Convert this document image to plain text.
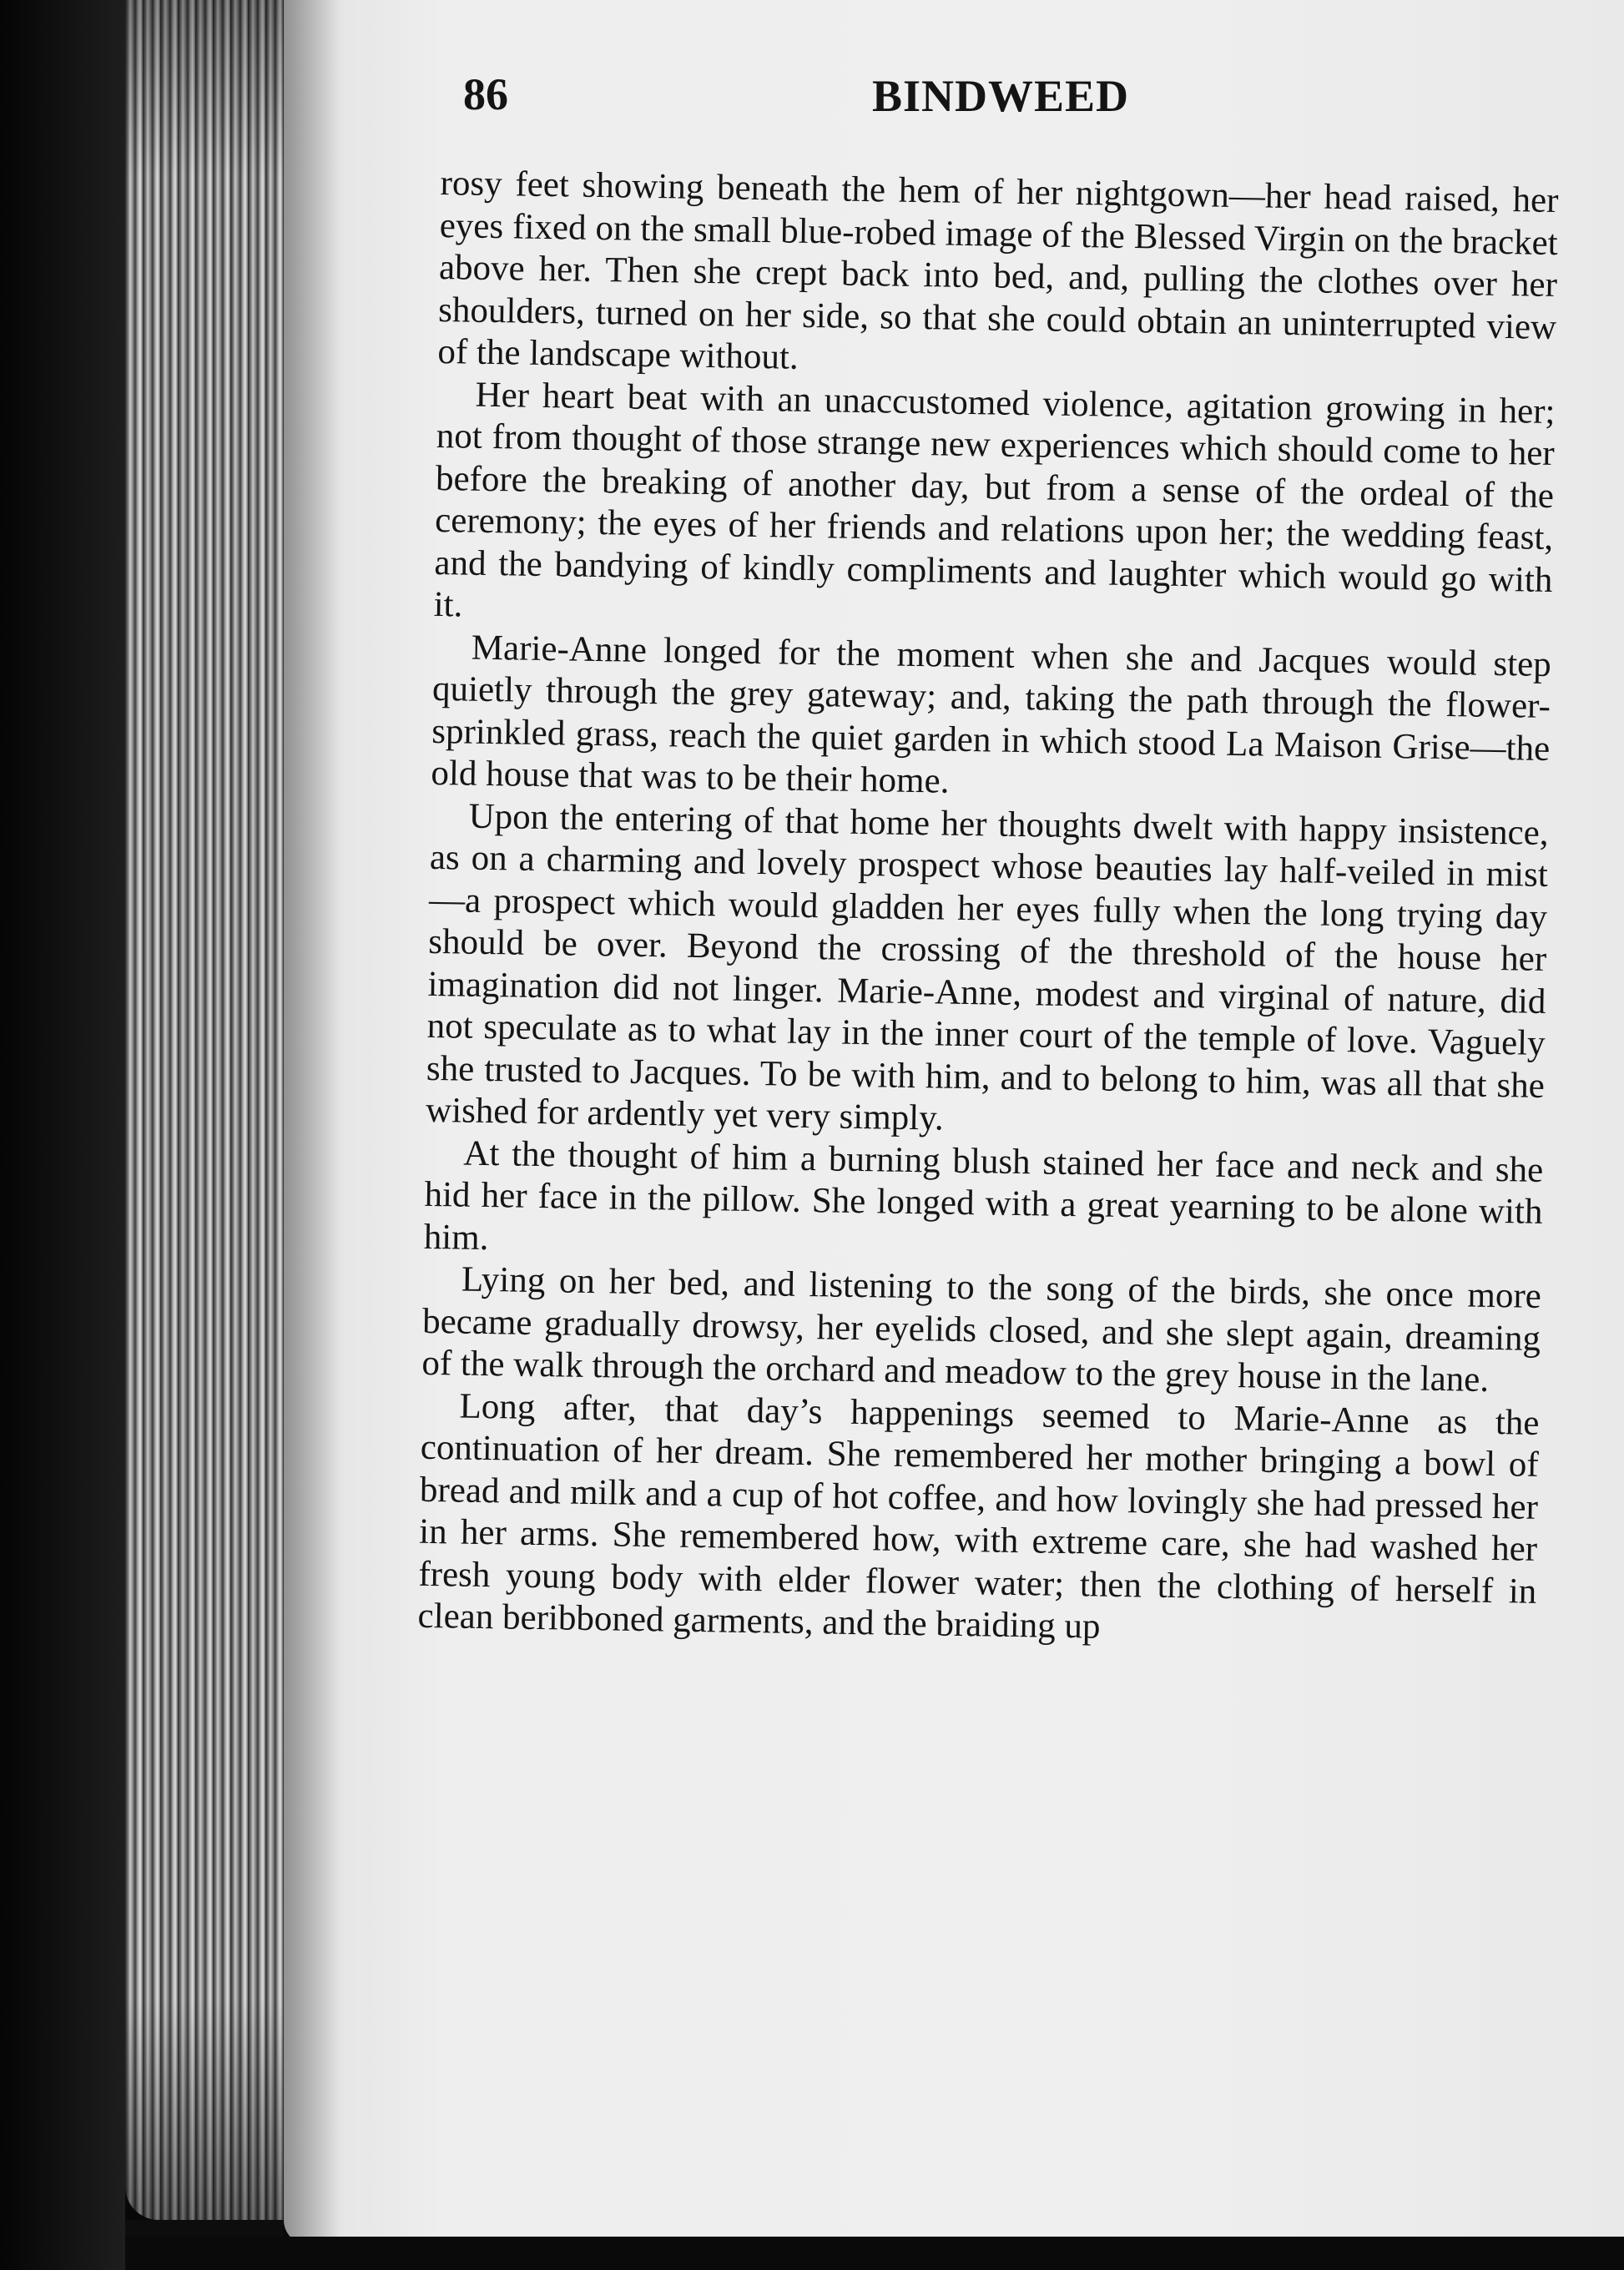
86	BINDWEED

rosy feet showing beneath the hem of her nightgown—her head raised, her eyes fixed on the small blue-robed image of the Blessed Virgin on the bracket above her. Then she crept back into bed, and, pulling the clothes over her shoulders, turned on her side, so that she could obtain an uninterrupted view of the landscape without.

Her heart beat with an unaccustomed violence, agitation growing in her; not from thought of those strange new experiences which should come to her before the breaking of another day, but from a sense of the ordeal of the ceremony; the eyes of her friends and relations upon her; the wedding feast, and the bandying of kindly compliments and laughter which would go with it.

Marie-Anne longed for the moment when she and Jacques would step quietly through the grey gateway; and, taking the path through the flower-sprinkled grass, reach the quiet garden in which stood La Maison Grise—the old house that was to be their home.

Upon the entering of that home her thoughts dwelt with happy insistence, as on a charming and lovely prospect whose beauties lay half-veiled in mist—a prospect which would gladden her eyes fully when the long trying day should be over. Beyond the crossing of the threshold of the house her imagination did not linger. Marie-Anne, modest and virginal of nature, did not speculate as to what lay in the inner court of the temple of love. Vaguely she trusted to Jacques. To be with him, and to belong to him, was all that she wished for ardently yet very simply.

At the thought of him a burning blush stained her face and neck and she hid her face in the pillow. She longed with a great yearning to be alone with him.

Lying on her bed, and listening to the song of the birds, she once more became gradually drowsy, her eyelids closed, and she slept again, dreaming of the walk through the orchard and meadow to the grey house in the lane.

Long after, that day’s happenings seemed to Marie-Anne as the continuation of her dream. She remembered her mother bringing a bowl of bread and milk and a cup of hot coffee, and how lovingly she had pressed her in her arms. She remembered how, with extreme care, she had washed her fresh young body with elder flower water; then the clothing of herself in clean beribboned garments, and the braiding up
